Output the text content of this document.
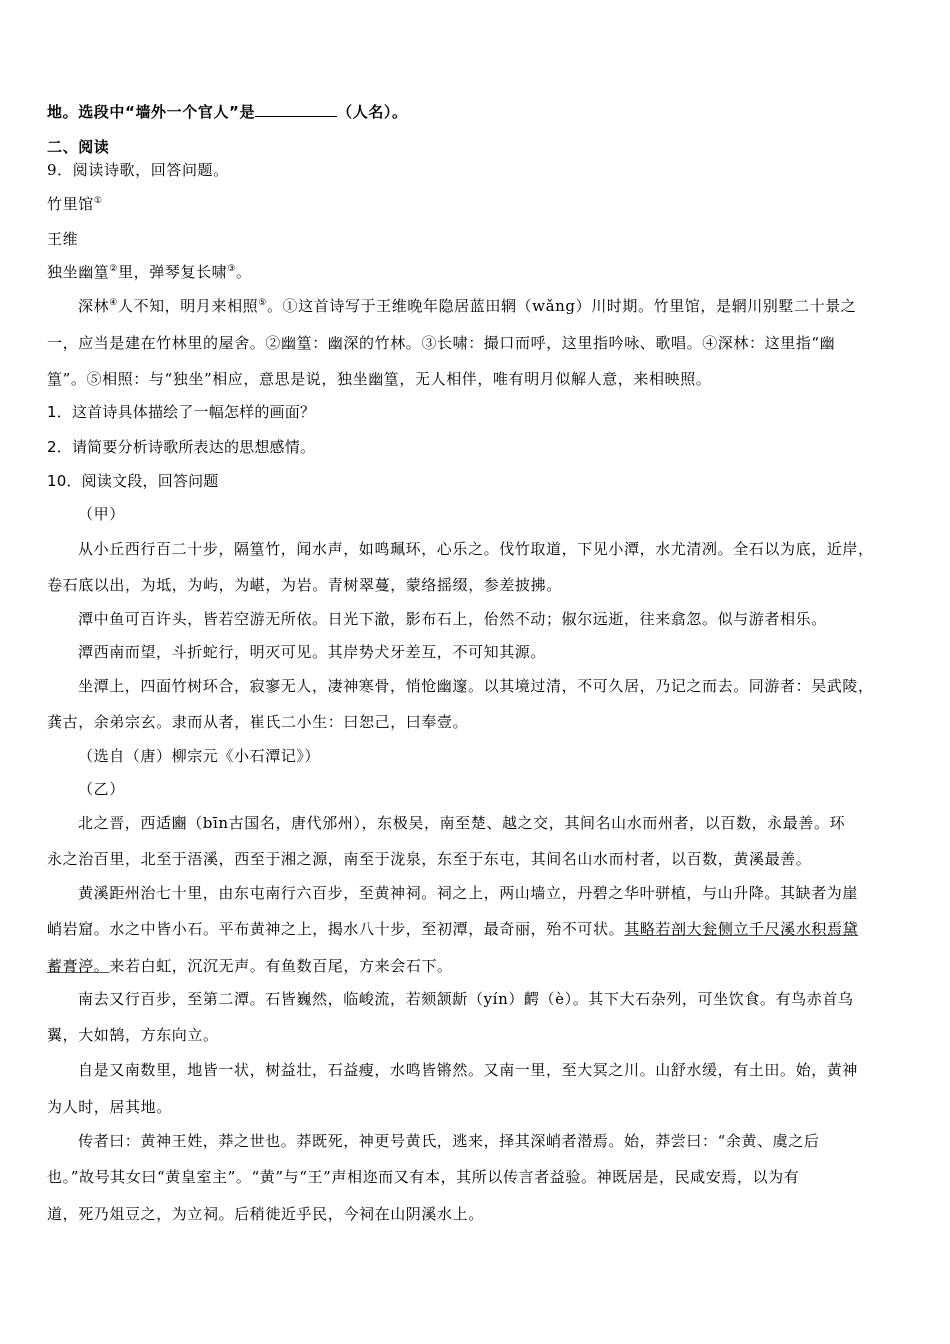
地。选段中“墙外一个官人”是	（人名）。
二、阅读
9．阅读诗歌，回答问题。
竹里馆①
王维
独坐幽篁②里，弹琴复长啸③。
深林④人不知，明月来相照⑤。①这首诗写于王维晚年隐居蓝田辋（wǎng）川时期。竹里馆，是辋川别墅二十景之
一，应当是建在竹林里的屋舍。②幽篁：幽深的竹林。③长啸：撮口而呼，这里指吟咏、歌唱。④深林：这里指“幽
篁”。⑤相照：与“独坐”相应，意思是说，独坐幽篁，无人相伴，唯有明月似解人意，来相映照。
1．这首诗具体描绘了一幅怎样的画面？
2．请简要分析诗歌所表达的思想感情。
10．阅读文段，回答问题
（甲）
从小丘西行百二十步，隔篁竹，闻水声，如鸣珮环，心乐之。伐竹取道，下见小潭，水尤清冽。全石以为底，近岸，
卷石底以出，为坻，为屿，为嵁，为岩。青树翠蔓，蒙络摇缀，参差披拂。
潭中鱼可百许头，皆若空游无所依。日光下澈，影布石上，佁然不动；俶尔远逝，往来翕忽。似与游者相乐。
潭西南而望，斗折蛇行，明灭可见。其岸势犬牙差互，不可知其源。
坐潭上，四面竹树环合，寂寥无人，凄神寒骨，悄怆幽邃。以其境过清，不可久居，乃记之而去。同游者：吴武陵，
龚古，余弟宗玄。隶而从者，崔氏二小生：曰恕己，曰奉壹。
（选自（唐）柳宗元《小石潭记》）
（乙）
北之晋，西适豳（bīn古国名，唐代邠州），东极吴，南至楚、越之交，其间名山水而州者，以百数，永最善。环
永之治百里，北至于浯溪，西至于湘之源，南至于泷泉，东至于东屯，其间名山水而村者，以百数，黄溪最善。
黄溪距州治七十里，由东屯南行六百步，至黄神祠。祠之上，两山墙立，丹碧之华叶骈植，与山升降。其缺者为崖
峭岩窟。水之中皆小石。平布黄神之上，揭水八十步，至初潭，最奇丽，殆不可状。其略若剖大瓮侧立千尺溪水积焉黛
蓄膏渟。来若白虹，沉沉无声。有鱼数百尾，方来会石下。
南去又行百步，至第二潭。石皆巍然，临峻流，若颏颔龂（yín）齶（è）。其下大石杂列，可坐饮食。有鸟赤首乌
翼，大如鹄，方东向立。
自是又南数里，地皆一状，树益壮，石益瘦，水鸣皆锵然。又南一里，至大冥之川。山舒水缓，有土田。始，黄神
为人时，居其地。
传者曰：黄神王姓，莽之世也。莽既死，神更号黄氏，逃来，择其深峭者潜焉。始，莽尝曰：“余黄、虞之后
也。”故号其女曰“黄皇室主”。“黄”与“王”声相迩而又有本，其所以传言者益验。神既居是，民咸安焉，以为有
道，死乃俎豆之，为立祠。后稍徙近乎民，今祠在山阴溪水上。
